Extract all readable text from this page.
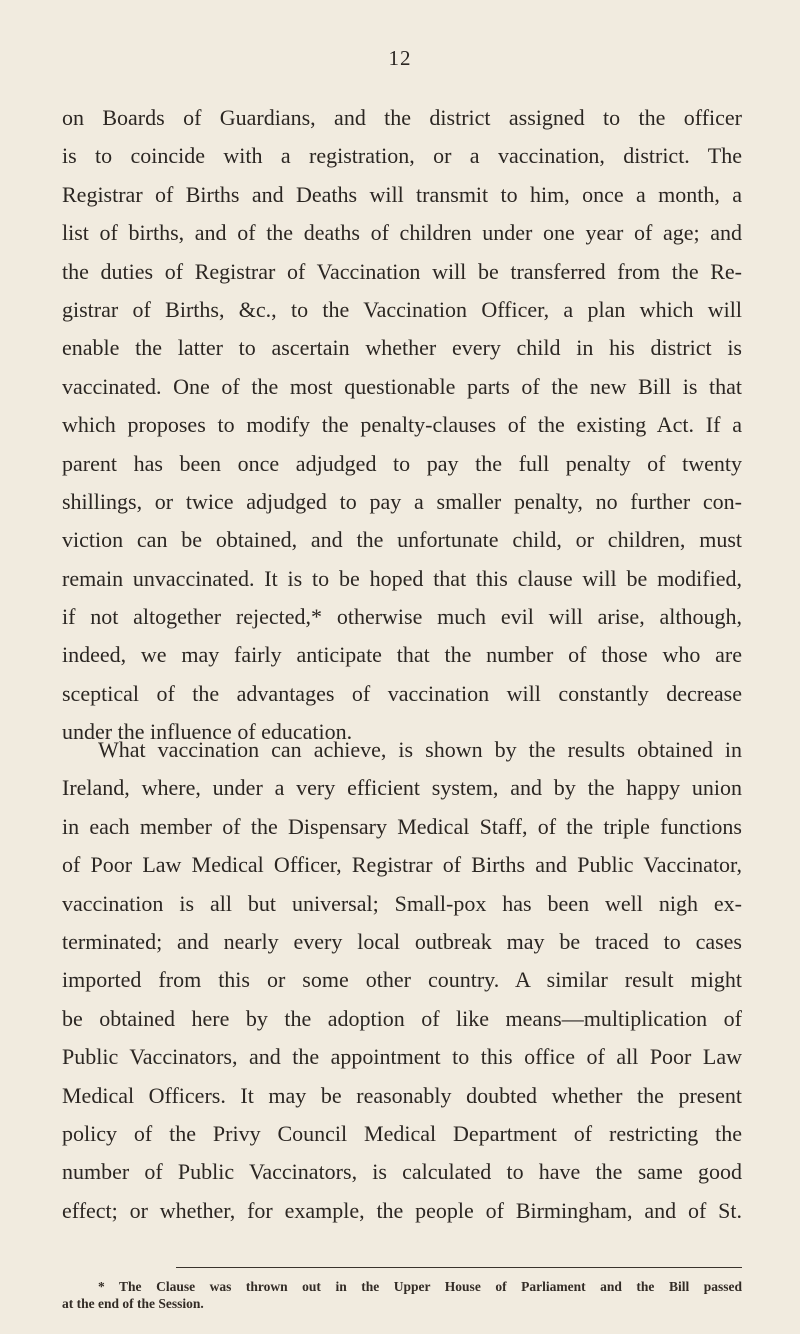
12
on Boards of Guardians, and the district assigned to the officer
is to coincide with a registration, or a vaccination, district. The
Registrar of Births and Deaths will transmit to him, once a month, a
list of births, and of the deaths of children under one year of age; and
the duties of Registrar of Vaccination will be transferred from the Re-
gistrar of Births, &c., to the Vaccination Officer, a plan which will
enable the latter to ascertain whether every child in his district is
vaccinated. One of the most questionable parts of the new Bill is that
which proposes to modify the penalty-clauses of the existing Act. If a
parent has been once adjudged to pay the full penalty of twenty
shillings, or twice adjudged to pay a smaller penalty, no further con-
viction can be obtained, and the unfortunate child, or children, must
remain unvaccinated. It is to be hoped that this clause will be modified,
if not altogether rejected,* otherwise much evil will arise, although,
indeed, we may fairly anticipate that the number of those who are
sceptical of the advantages of vaccination will constantly decrease
under the influence of education.
What vaccination can achieve, is shown by the results obtained in
Ireland, where, under a very efficient system, and by the happy union
in each member of the Dispensary Medical Staff, of the triple functions
of Poor Law Medical Officer, Registrar of Births and Public Vaccinator,
vaccination is all but universal; Small-pox has been well nigh ex-
terminated; and nearly every local outbreak may be traced to cases
imported from this or some other country. A similar result might
be obtained here by the adoption of like means—multiplication of
Public Vaccinators, and the appointment to this office of all Poor Law
Medical Officers. It may be reasonably doubted whether the present
policy of the Privy Council Medical Department of restricting the
number of Public Vaccinators, is calculated to have the same good
effect; or whether, for example, the people of Birmingham, and of St.
* The Clause was thrown out in the Upper House of Parliament and the Bill passed
at the end of the Session.
